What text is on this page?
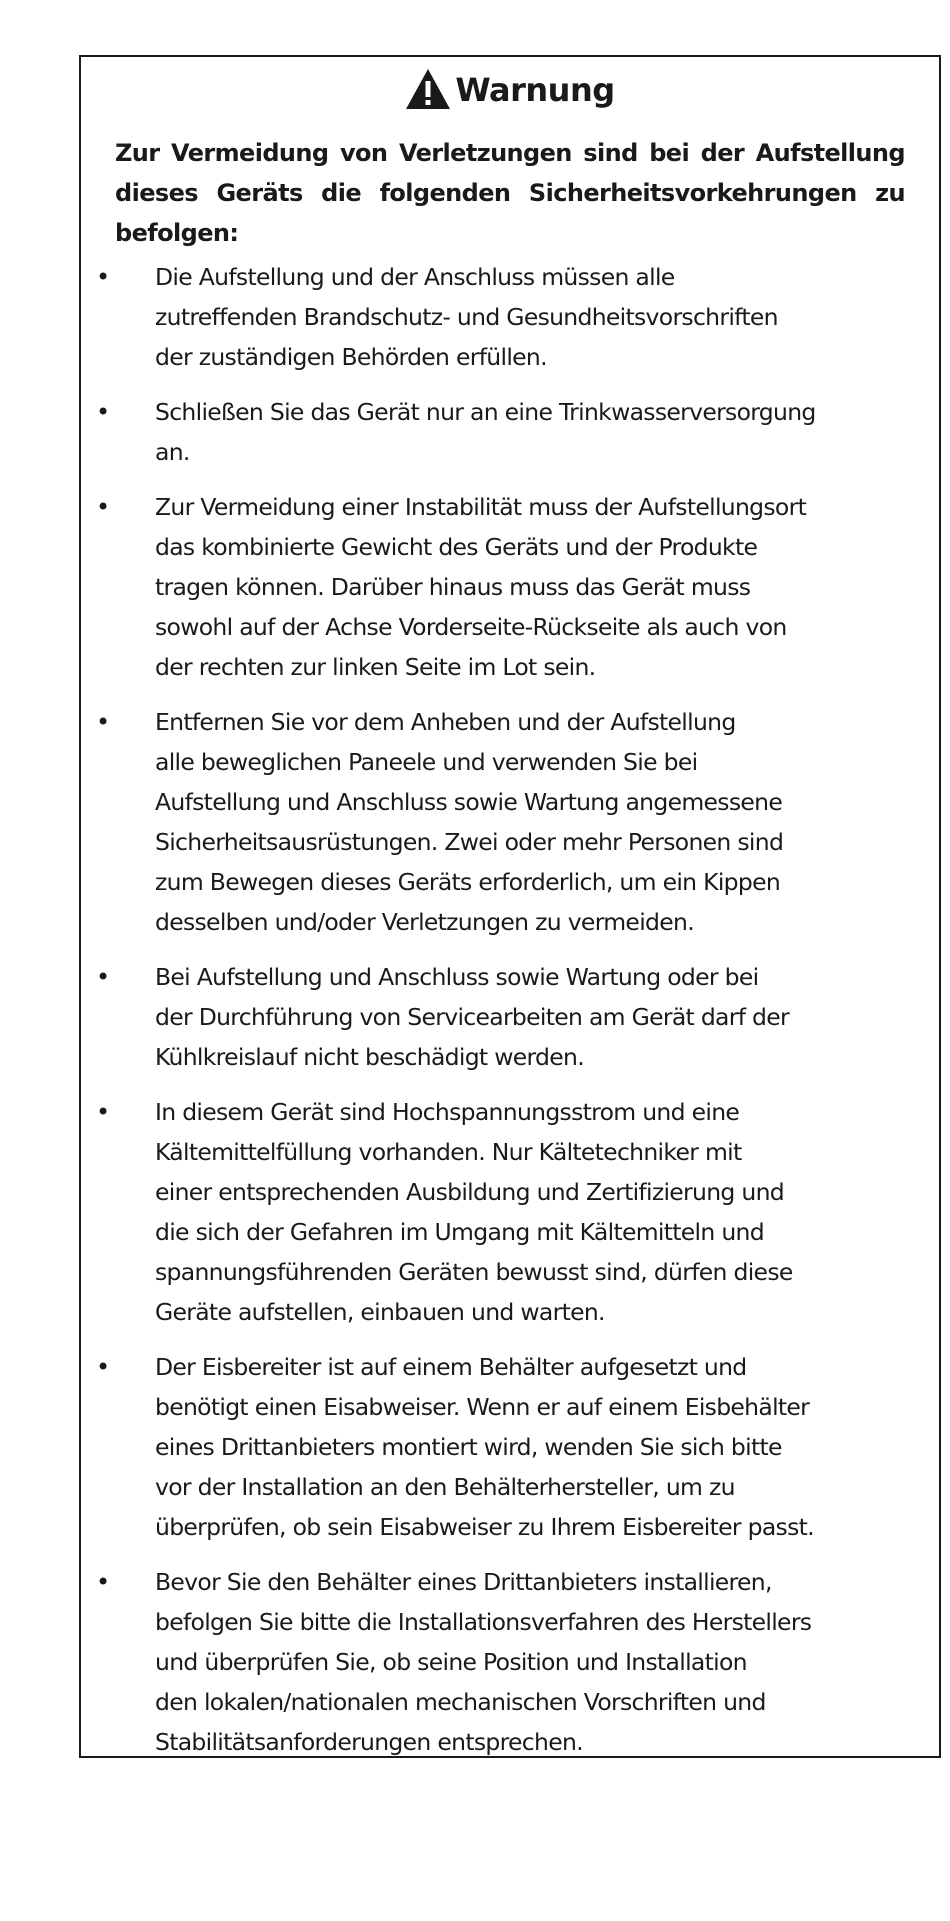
Warnung
Zur Vermeidung von Verletzungen sind bei der Aufstellung dieses Geräts die folgenden Sicherheitsvorkehrungen zu befolgen:
• Die Aufstellung und der Anschluss müssen alle
zutreffenden Brandschutz- und Gesundheitsvorschriften
der zuständigen Behörden erfüllen.
• Schließen Sie das Gerät nur an eine Trinkwasserversorgung
an.
• Zur Vermeidung einer Instabilität muss der Aufstellungsort
das kombinierte Gewicht des Geräts und der Produkte
tragen können. Darüber hinaus muss das Gerät muss
sowohl auf der Achse Vorderseite-Rückseite als auch von
der rechten zur linken Seite im Lot sein.
• Entfernen Sie vor dem Anheben und der Aufstellung
alle beweglichen Paneele und verwenden Sie bei
Aufstellung und Anschluss sowie Wartung angemessene
Sicherheitsausrüstungen. Zwei oder mehr Personen sind
zum Bewegen dieses Geräts erforderlich, um ein Kippen
desselben und/oder Verletzungen zu vermeiden.
• Bei Aufstellung und Anschluss sowie Wartung oder bei
der Durchführung von Servicearbeiten am Gerät darf der
Kühlkreislauf nicht beschädigt werden.
• In diesem Gerät sind Hochspannungsstrom und eine
Kältemittelfüllung vorhanden. Nur Kältetechniker mit
einer entsprechenden Ausbildung und Zertifizierung und
die sich der Gefahren im Umgang mit Kältemitteln und
spannungsführenden Geräten bewusst sind, dürfen diese
Geräte aufstellen, einbauen und warten.
• Der Eisbereiter ist auf einem Behälter aufgesetzt und
benötigt einen Eisabweiser. Wenn er auf einem Eisbehälter
eines Drittanbieters montiert wird, wenden Sie sich bitte
vor der Installation an den Behälterhersteller, um zu
überprüfen, ob sein Eisabweiser zu Ihrem Eisbereiter passt.
• Bevor Sie den Behälter eines Drittanbieters installieren,
befolgen Sie bitte die Installationsverfahren des Herstellers
und überprüfen Sie, ob seine Position und Installation
den lokalen/nationalen mechanischen Vorschriften und
Stabilitätsanforderungen entsprechen.
